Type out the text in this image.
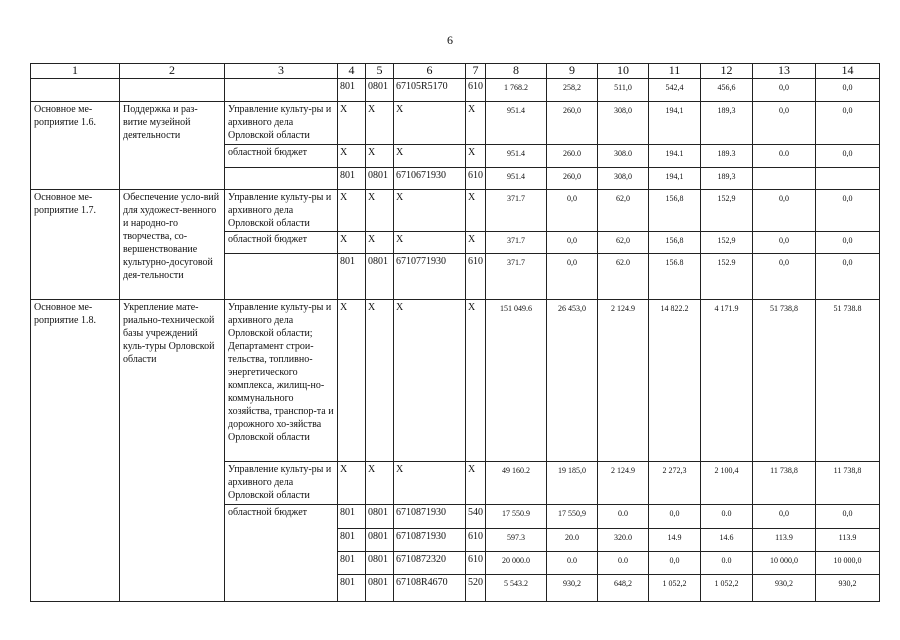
6
1	2	3	4	5	6	7	8	9	10	11	12	13	14
			801	0801	67105R5170	610	1 768.2	258,2	511,0	542,4	456,6	0,0	0,0
Основное ме-роприятие 1.6.	Поддержка и раз-витие музейной деятельности	Управление культу-ры и архивного дела Орловской области	X	X	X	X	951.4	260,0	308,0	194,1	189,3	0,0	0,0
		областной бюджет	X	X	X	X	951.4	260.0	308.0	194.1	189.3	0.0	0,0
			801	0801	6710671930	610	951.4	260,0	308,0	194,1	189,3		
Основное ме-роприятие 1.7.	Обеспечение усло-вий для художест-венного и народно-го творчества, со-вершенствование культурно-досуговой дея-тельности	Управление культу-ры и архивного дела Орловской области	X	X	X	X	371.7	0,0	62,0	156,8	152,9	0,0	0,0
		областной бюджет	X	X	X	X	371.7	0,0	62,0	156,8	152,9	0,0	0,0
			801	0801	6710771930	610	371.7	0,0	62.0	156.8	152.9	0,0	0,0
Основное ме-роприятие 1.8.	Укрепление мате-риально-технической базы учреждений куль-туры Орловской области	Управление культу-ры и архивного дела Орловской области; Департамент строи-тельства, топливно-энергетического комплекса, жилищ-но-коммунального хозяйства, транспор-та и дорожного хо-зяйства Орловской области	X	X	X	X	151 049.6	26 453,0	2 124.9	14 822.2	4 171.9	51 738,8	51 738.8
		Управление культу-ры и архивного дела Орловской области	X	X	X	X	49 160.2	19 185,0	2 124.9	2 272,3	2 100,4	11 738,8	11 738,8
		областной бюджет	801	0801	6710871930	540	17 550.9	17 550,9	0.0	0,0	0.0	0,0	0,0
			801	0801	6710871930	610	597.3	20.0	320.0	14.9	14.6	113.9	113.9
			801	0801	6710872320	610	20 000.0	0.0	0.0	0,0	0.0	10 000,0	10 000,0
			801	0801	67108R4670	520	5 543.2	930,2	648,2	1 052,2	1 052,2	930,2	930,2
